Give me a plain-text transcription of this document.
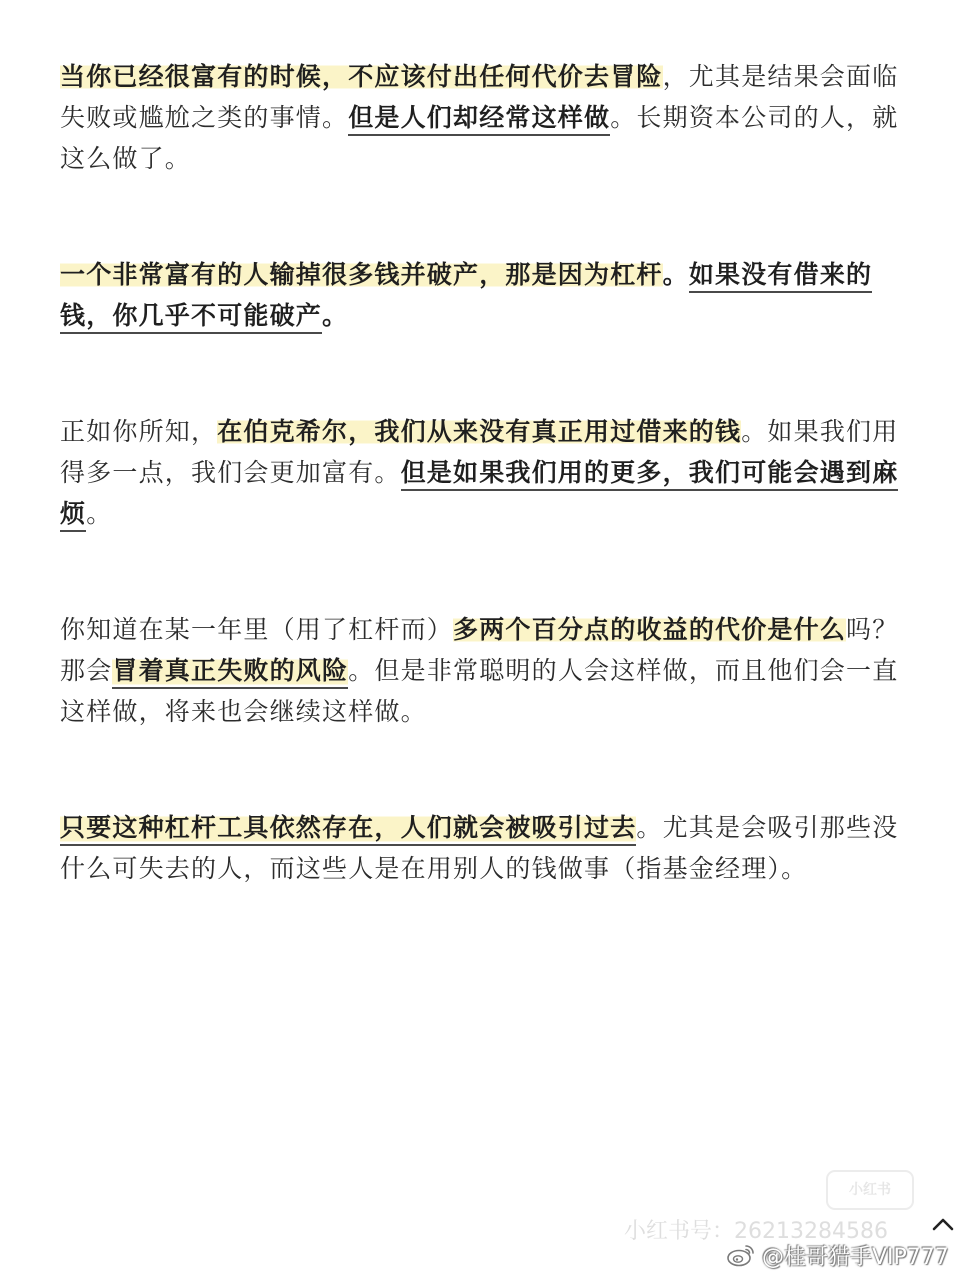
当你已经很富有的时候，不应该付出任何代价去冒险，尤其是结果会面临失败或尴尬之类的事情。但是人们却经常这样做。长期资本公司的人，就这么做了。

一个非常富有的人输掉很多钱并破产，那是因为杠杆。如果没有借来的钱，你几乎不可能破产。

正如你所知，在伯克希尔，我们从来没有真正用过借来的钱。如果我们用得多一点，我们会更加富有。但是如果我们用的更多，我们可能会遇到麻烦。

你知道在某一年里（用了杠杆而）多两个百分点的收益的代价是什么吗？那会冒着真正失败的风险。但是非常聪明的人会这样做，而且他们会一直这样做，将来也会继续这样做。

只要这种杠杆工具依然存在，人们就会被吸引过去。尤其是会吸引那些没什么可失去的人，而这些人是在用别人的钱做事（指基金经理）。

小红书
小红书号：2621328⁠4586
@桂哥猎手VIP777
